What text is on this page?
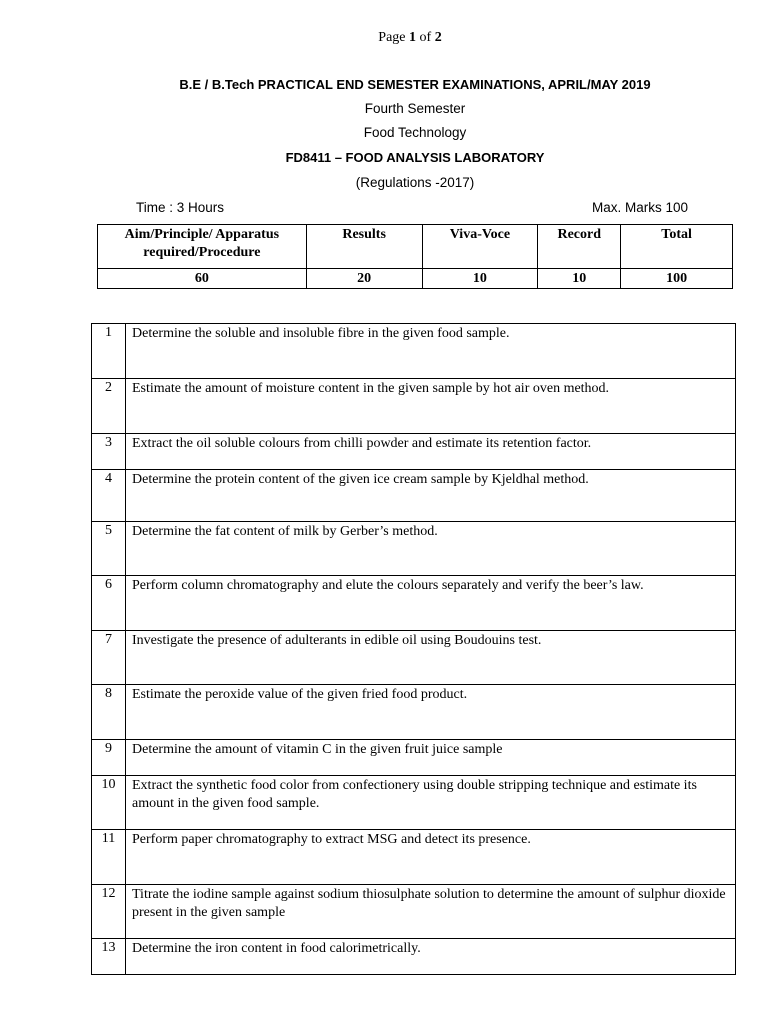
Page 1 of 2
B.E / B.Tech PRACTICAL END SEMESTER EXAMINATIONS, APRIL/MAY 2019
Fourth Semester
Food Technology
FD8411 – FOOD ANALYSIS LABORATORY
(Regulations -2017)
Time : 3 Hours	Max. Marks 100
Aim/Principle/ Apparatus required/Procedure	Results	Viva-Voce	Record	Total
60	20	10	10	100
1	Determine the soluble and insoluble fibre in the given food sample.
2	Estimate the amount of moisture content in the given sample by hot air oven method.
3	Extract the oil soluble colours from chilli powder and estimate its retention factor.
4	Determine the protein content of the given ice cream sample by Kjeldhal method.
5	Determine the fat content of milk by Gerber’s method.
6	Perform column chromatography and elute the colours separately and verify the beer’s law.
7	Investigate the presence of adulterants in edible oil using Boudouins test.
8	Estimate the peroxide value of the given fried food product.
9	Determine the amount of vitamin C in the given fruit juice sample
10	Extract the synthetic food color from confectionery using double stripping technique and estimate its amount in the given food sample.
11	Perform paper chromatography to extract MSG and detect its presence.
12	Titrate the iodine sample against sodium thiosulphate solution to determine the amount of sulphur dioxide present in the given sample
13	Determine the iron content in food calorimetrically.
